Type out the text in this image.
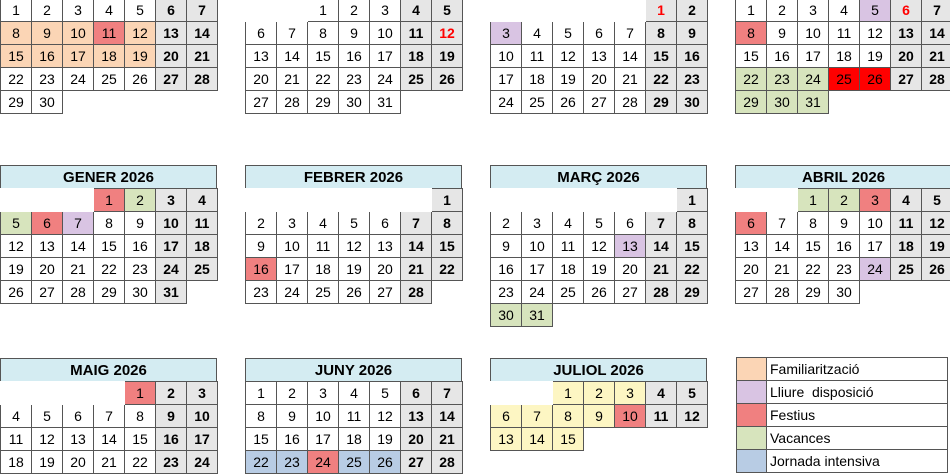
1	2	3	4	5	6	7
8	9	10	11	12	13	14
15	16	17	18	19	20	21
22	23	24	25	26	27	28
29	30					
		1	2	3	4	5
6	7	8	9	10	11	12
13	14	15	16	17	18	19
20	21	22	23	24	25	26
27	28	29	30	31		
					1	2
3	4	5	6	7	8	9
10	11	12	13	14	15	16
17	18	19	20	21	22	23
24	25	26	27	28	29	30
1	2	3	4	5	6	7
8	9	10	11	12	13	14
15	16	17	18	19	20	21
22	23	24	25	26	27	28
29	30	31				
GENER 2026
			1	2	3	4
5	6	7	8	9	10	11
12	13	14	15	16	17	18
19	20	21	22	23	24	25
26	27	28	29	30	31	
FEBRER 2026
						1
2	3	4	5	6	7	8
9	10	11	12	13	14	15
16	17	18	19	20	21	22
23	24	25	26	27	28	
MARÇ 2026
						1
2	3	4	5	6	7	8
9	10	11	12	13	14	15
16	17	18	19	20	21	22
23	24	25	26	27	28	29
30	31					
ABRIL 2026
		1	2	3	4	5
6	7	8	9	10	11	12
13	14	15	16	17	18	19
20	21	22	23	24	25	26
27	28	29	30			
MAIG 2026
				1	2	3
4	5	6	7	8	9	10
11	12	13	14	15	16	17
18	19	20	21	22	23	24
JUNY 2026
1	2	3	4	5	6	7
8	9	10	11	12	13	14
15	16	17	18	19	20	21
22	23	24	25	26	27	28
JULIOL 2026
		1	2	3	4	5
6	7	8	9	10	11	12
13	14	15				
	Familiarització
	Lliure  disposició
	Festius
	Vacances
	Jornada intensiva
